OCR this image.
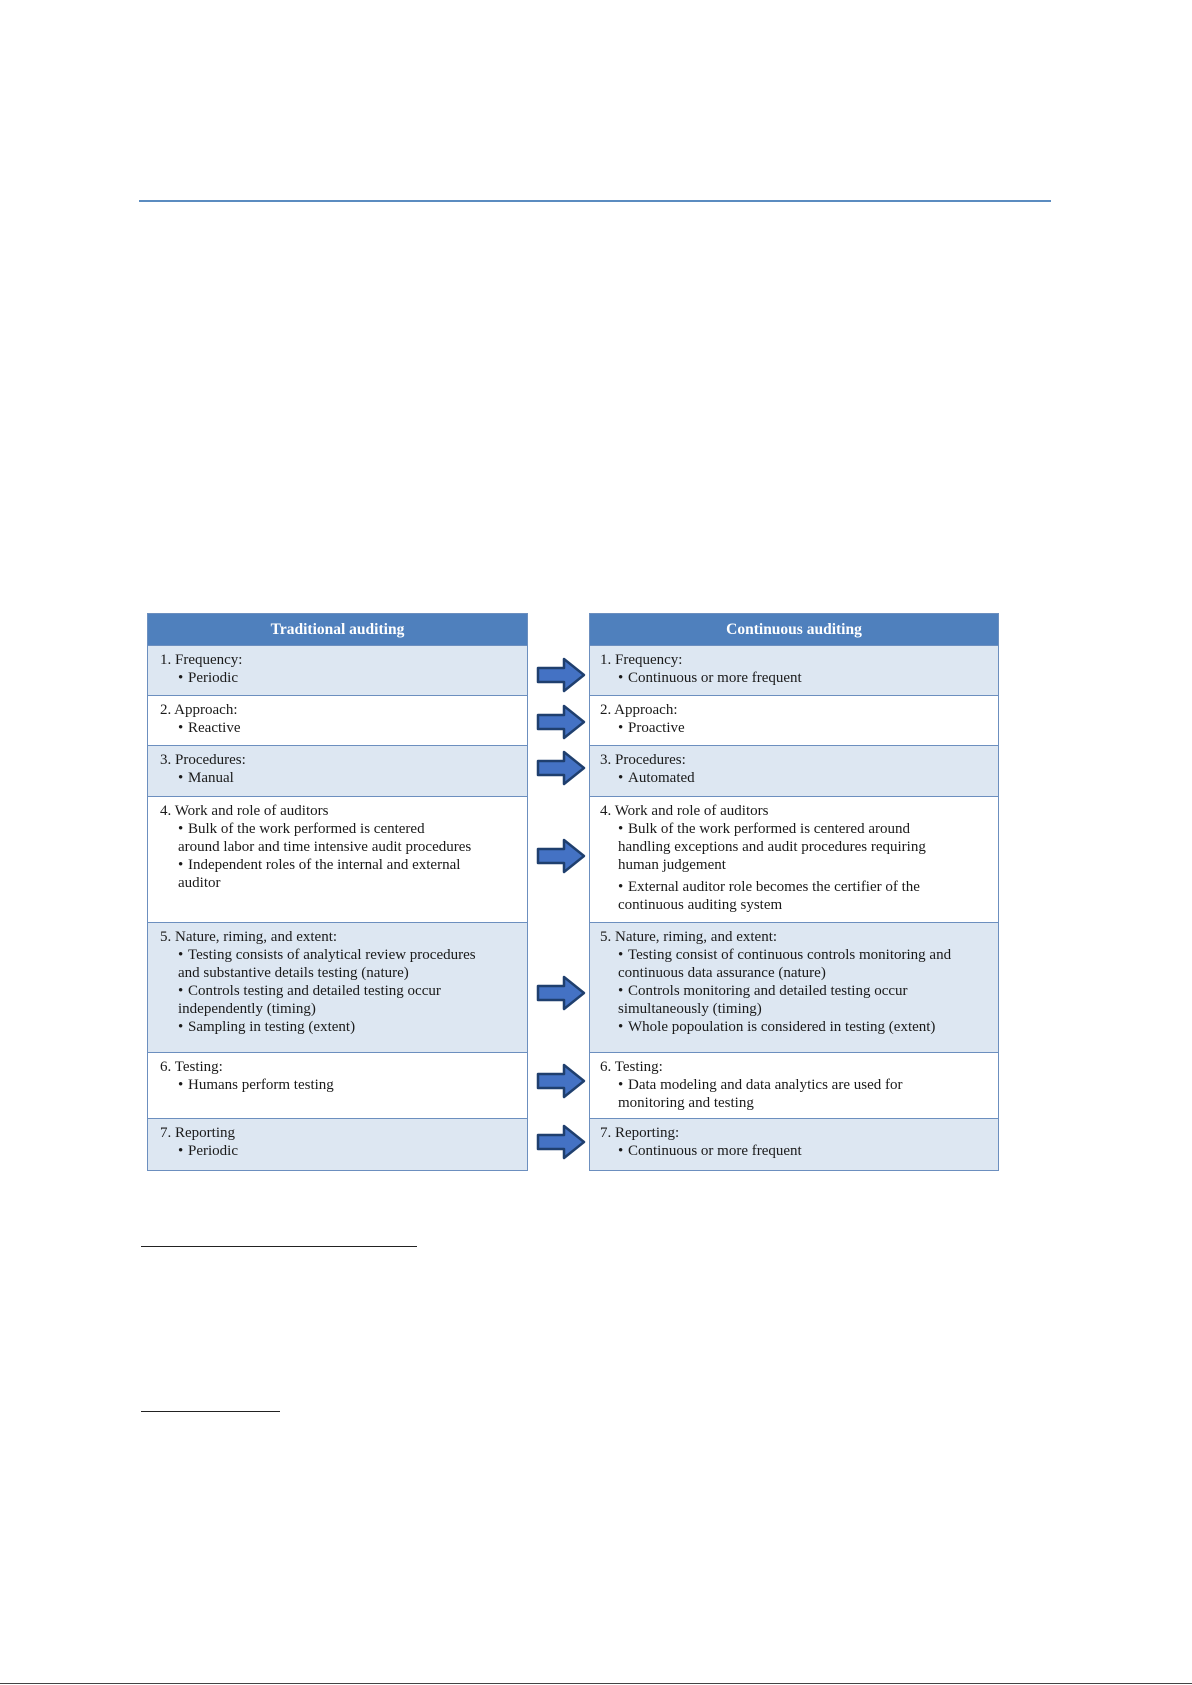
Traditional auditing
1. Frequency:
• Periodic
2. Approach:
• Reactive
3. Procedures:
• Manual
4. Work and role of auditors
• Bulk of the work performed is centered
around labor and time intensive audit procedures
• Independent roles of the internal and external
auditor
5. Nature, riming, and extent:
• Testing consists of analytical review procedures
and substantive details testing (nature)
• Controls testing and detailed testing occur
independently (timing)
• Sampling in testing (extent)
6. Testing:
• Humans perform testing
7. Reporting
• Periodic
Continuous auditing
1. Frequency:
• Continuous or more frequent
2. Approach:
• Proactive
3. Procedures:
• Automated
4. Work and role of auditors
• Bulk of the work performed is centered around
handling exceptions and audit procedures requiring
human judgement
• External auditor role becomes the certifier of the
continuous auditing system
5. Nature, riming, and extent:
• Testing consist of continuous controls monitoring and
continuous data assurance (nature)
• Controls monitoring and detailed testing occur
simultaneously (timing)
• Whole popoulation is considered in testing (extent)
6. Testing:
• Data modeling and data analytics are used for
monitoring and testing
7. Reporting:
• Continuous or more frequent
